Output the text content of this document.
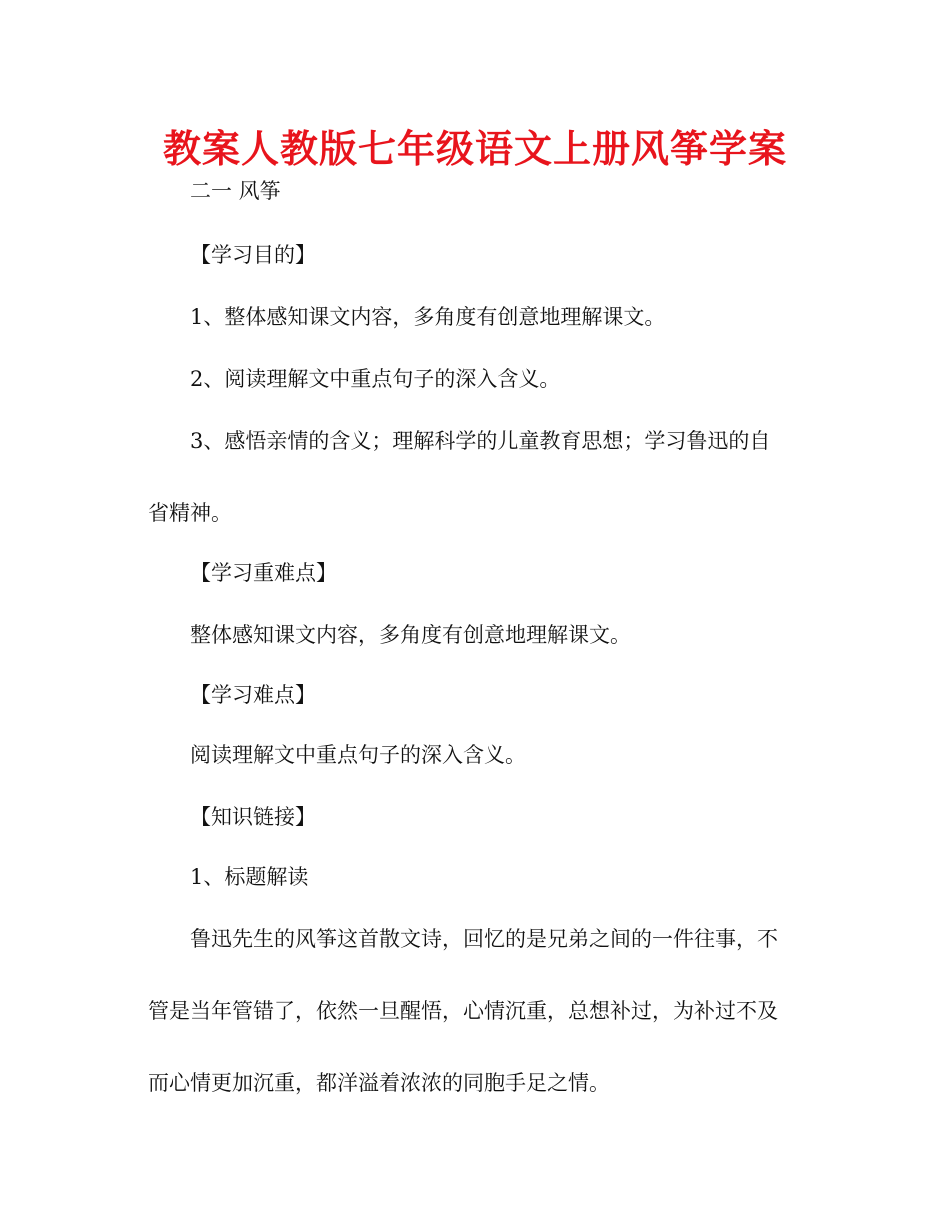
教案人教版七年级语文上册风筝学案

二一 风筝

【学习目的】

1、整体感知课文内容，多角度有创意地理解课文。

2、阅读理解文中重点句子的深入含义。

3、感悟亲情的含义；理解科学的儿童教育思想；学习鲁迅的自

省精神。

【学习重难点】

整体感知课文内容，多角度有创意地理解课文。

【学习难点】

阅读理解文中重点句子的深入含义。

【知识链接】

1、标题解读

鲁迅先生的风筝这首散文诗，回忆的是兄弟之间的一件往事，不

管是当年管错了，依然一旦醒悟，心情沉重，总想补过，为补过不及

而心情更加沉重，都洋溢着浓浓的同胞手足之情。
